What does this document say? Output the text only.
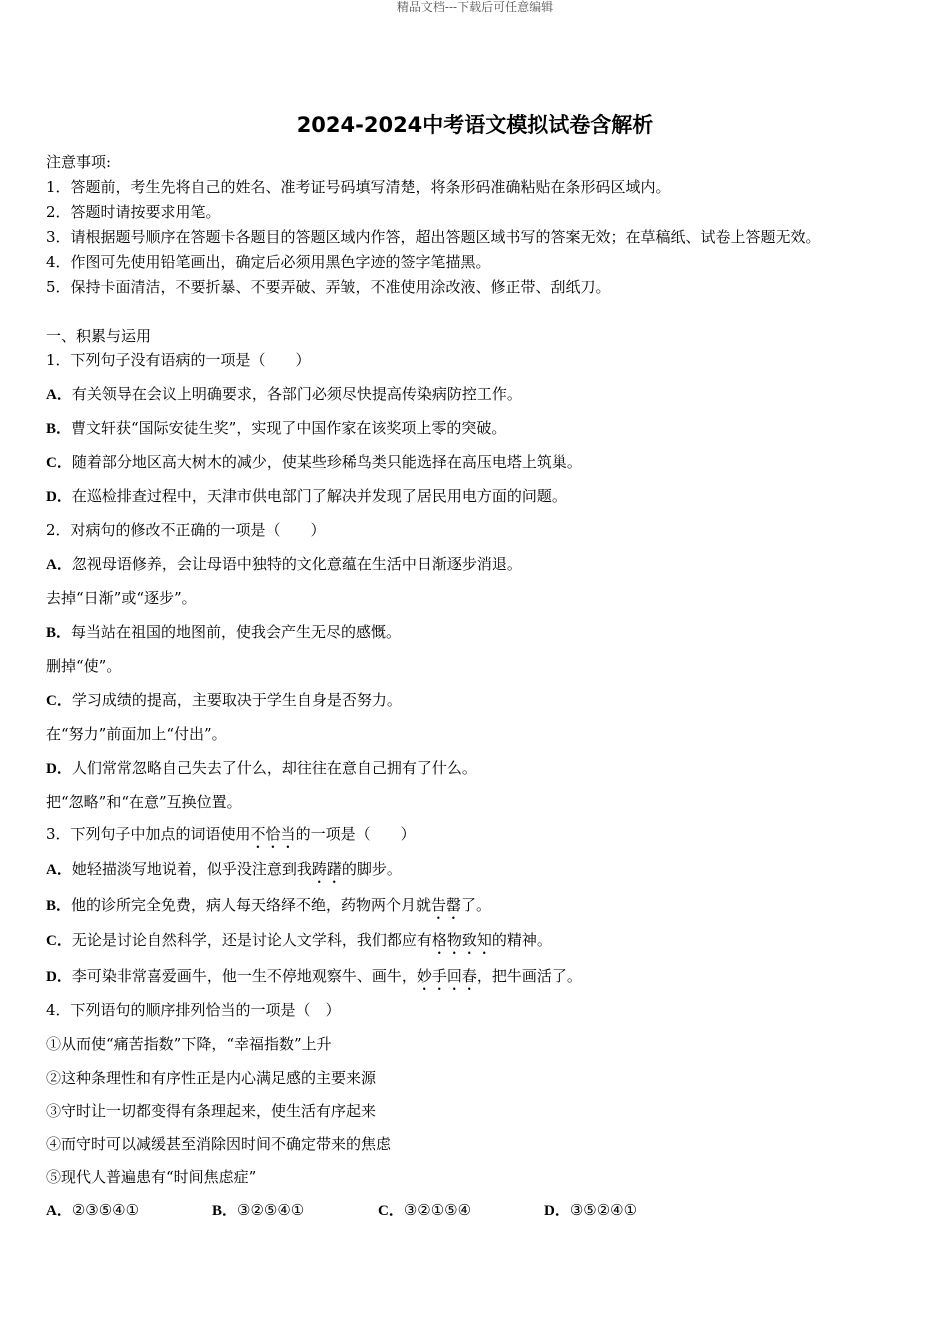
精品文档---下载后可任意编辑
2024-2024中考语文模拟试卷含解析
注意事项:
1．答题前，考生先将自己的姓名、准考证号码填写清楚，将条形码准确粘贴在条形码区域内。
2．答题时请按要求用笔。
3．请根据题号顺序在答题卡各题目的答题区域内作答，超出答题区域书写的答案无效；在草稿纸、试卷上答题无效。
4．作图可先使用铅笔画出，确定后必须用黑色字迹的签字笔描黑。
5．保持卡面清洁，不要折暴、不要弄破、弄皱，不准使用涂改液、修正带、刮纸刀。
一、积累与运用
1．下列句子没有语病的一项是（　　）
A．有关领导在会议上明确要求，各部门必须尽快提高传染病防控工作。
B．曹文轩获“国际安徒生奖”，实现了中国作家在该奖项上零的突破。
C．随着部分地区高大树木的减少，使某些珍稀鸟类只能选择在高压电塔上筑巢。
D．在巡检排查过程中，天津市供电部门了解决并发现了居民用电方面的问题。
2．对病句的修改不正确的一项是（　　）
A．忽视母语修养，会让母语中独特的文化意蕴在生活中日渐逐步消退。
去掉“日渐”或“逐步”。
B．每当站在祖国的地图前，使我会产生无尽的感慨。
删掉“使”。
C．学习成绩的提高，主要取决于学生自身是否努力。
在“努力”前面加上“付出”。
D．人们常常忽略自己失去了什么，却往往在意自己拥有了什么。
把“忽略”和“在意”互换位置。
3．下列句子中加点的词语使用不恰当的一项是（　　）
A．她轻描淡写地说着，似乎没注意到我踌躇的脚步。
B．他的诊所完全免费，病人每天络绎不绝，药物两个月就告罄了。
C．无论是讨论自然科学，还是讨论人文学科，我们都应有格物致知的精神。
D．李可染非常喜爱画牛，他一生不停地观察牛、画牛，妙手回春，把牛画活了。
4．下列语句的顺序排列恰当的一项是（　）
①从而使“痛苦指数”下降，“幸福指数”上升
②这种条理性和有序性正是内心满足感的主要来源
③守时让一切都变得有条理起来，使生活有序起来
④而守时可以减缓甚至消除因时间不确定带来的焦虑
⑤现代人普遍患有“时间焦虑症”
A．②③⑤④①	B．③②⑤④①	C．③②①⑤④	D．③⑤②④①
